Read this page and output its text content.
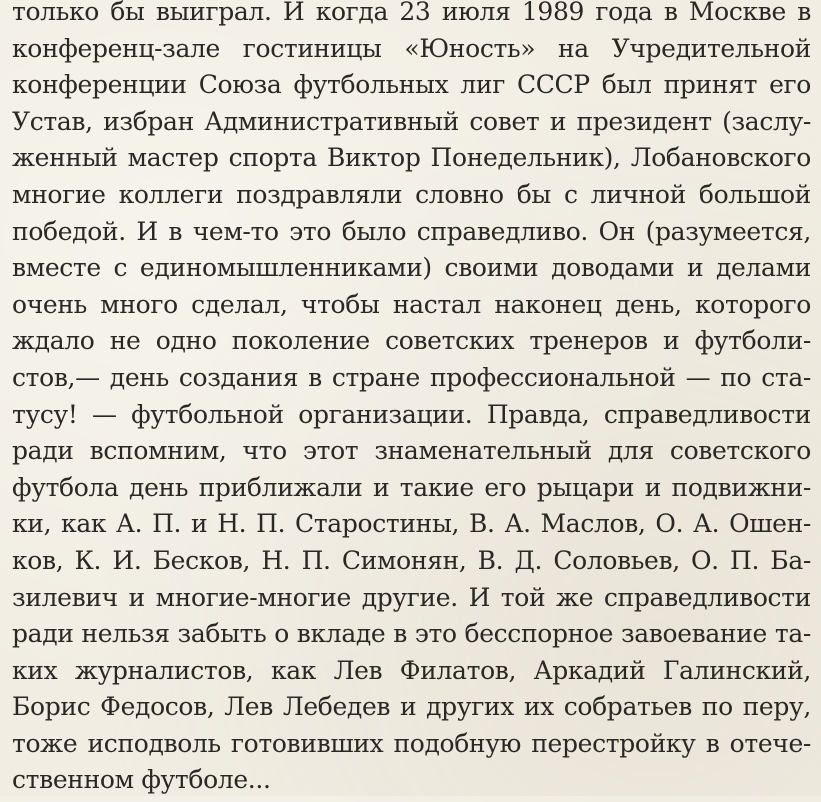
только бы выиграл. И когда 23 июля 1989 года в Москве в
конференц-зале гостиницы «Юность» на Учредительной
конференции Союза футбольных лиг СССР был принят его
Устав, избран Административный совет и президент (заслу-
женный мастер спорта Виктор Понедельник), Лобановского
многие коллеги поздравляли словно бы с личной большой
победой. И в чем-то это было справедливо. Он (разумеется,
вместе с единомышленниками) своими доводами и делами
очень много сделал, чтобы настал наконец день, которого
ждало не одно поколение советских тренеров и футболи-
стов,— день создания в стране профессиональной — по ста-
тусу! — футбольной организации. Правда, справедливости
ради вспомним, что этот знаменательный для советского
футбола день приближали и такие его рыцари и подвижни-
ки, как А. П. и Н. П. Старостины, В. А. Маслов, О. А. Ошен-
ков, К. И. Бесков, Н. П. Симонян, В. Д. Соловьев, О. П. Ба-
зилевич и многие-многие другие. И той же справедливости
ради нельзя забыть о вкладе в это бесспорное завоевание та-
ких журналистов, как Лев Филатов, Аркадий Галинский,
Борис Федосов, Лев Лебедев и других их собратьев по перу,
тоже исподволь готовивших подобную перестройку в отече-
ственном футболе...
